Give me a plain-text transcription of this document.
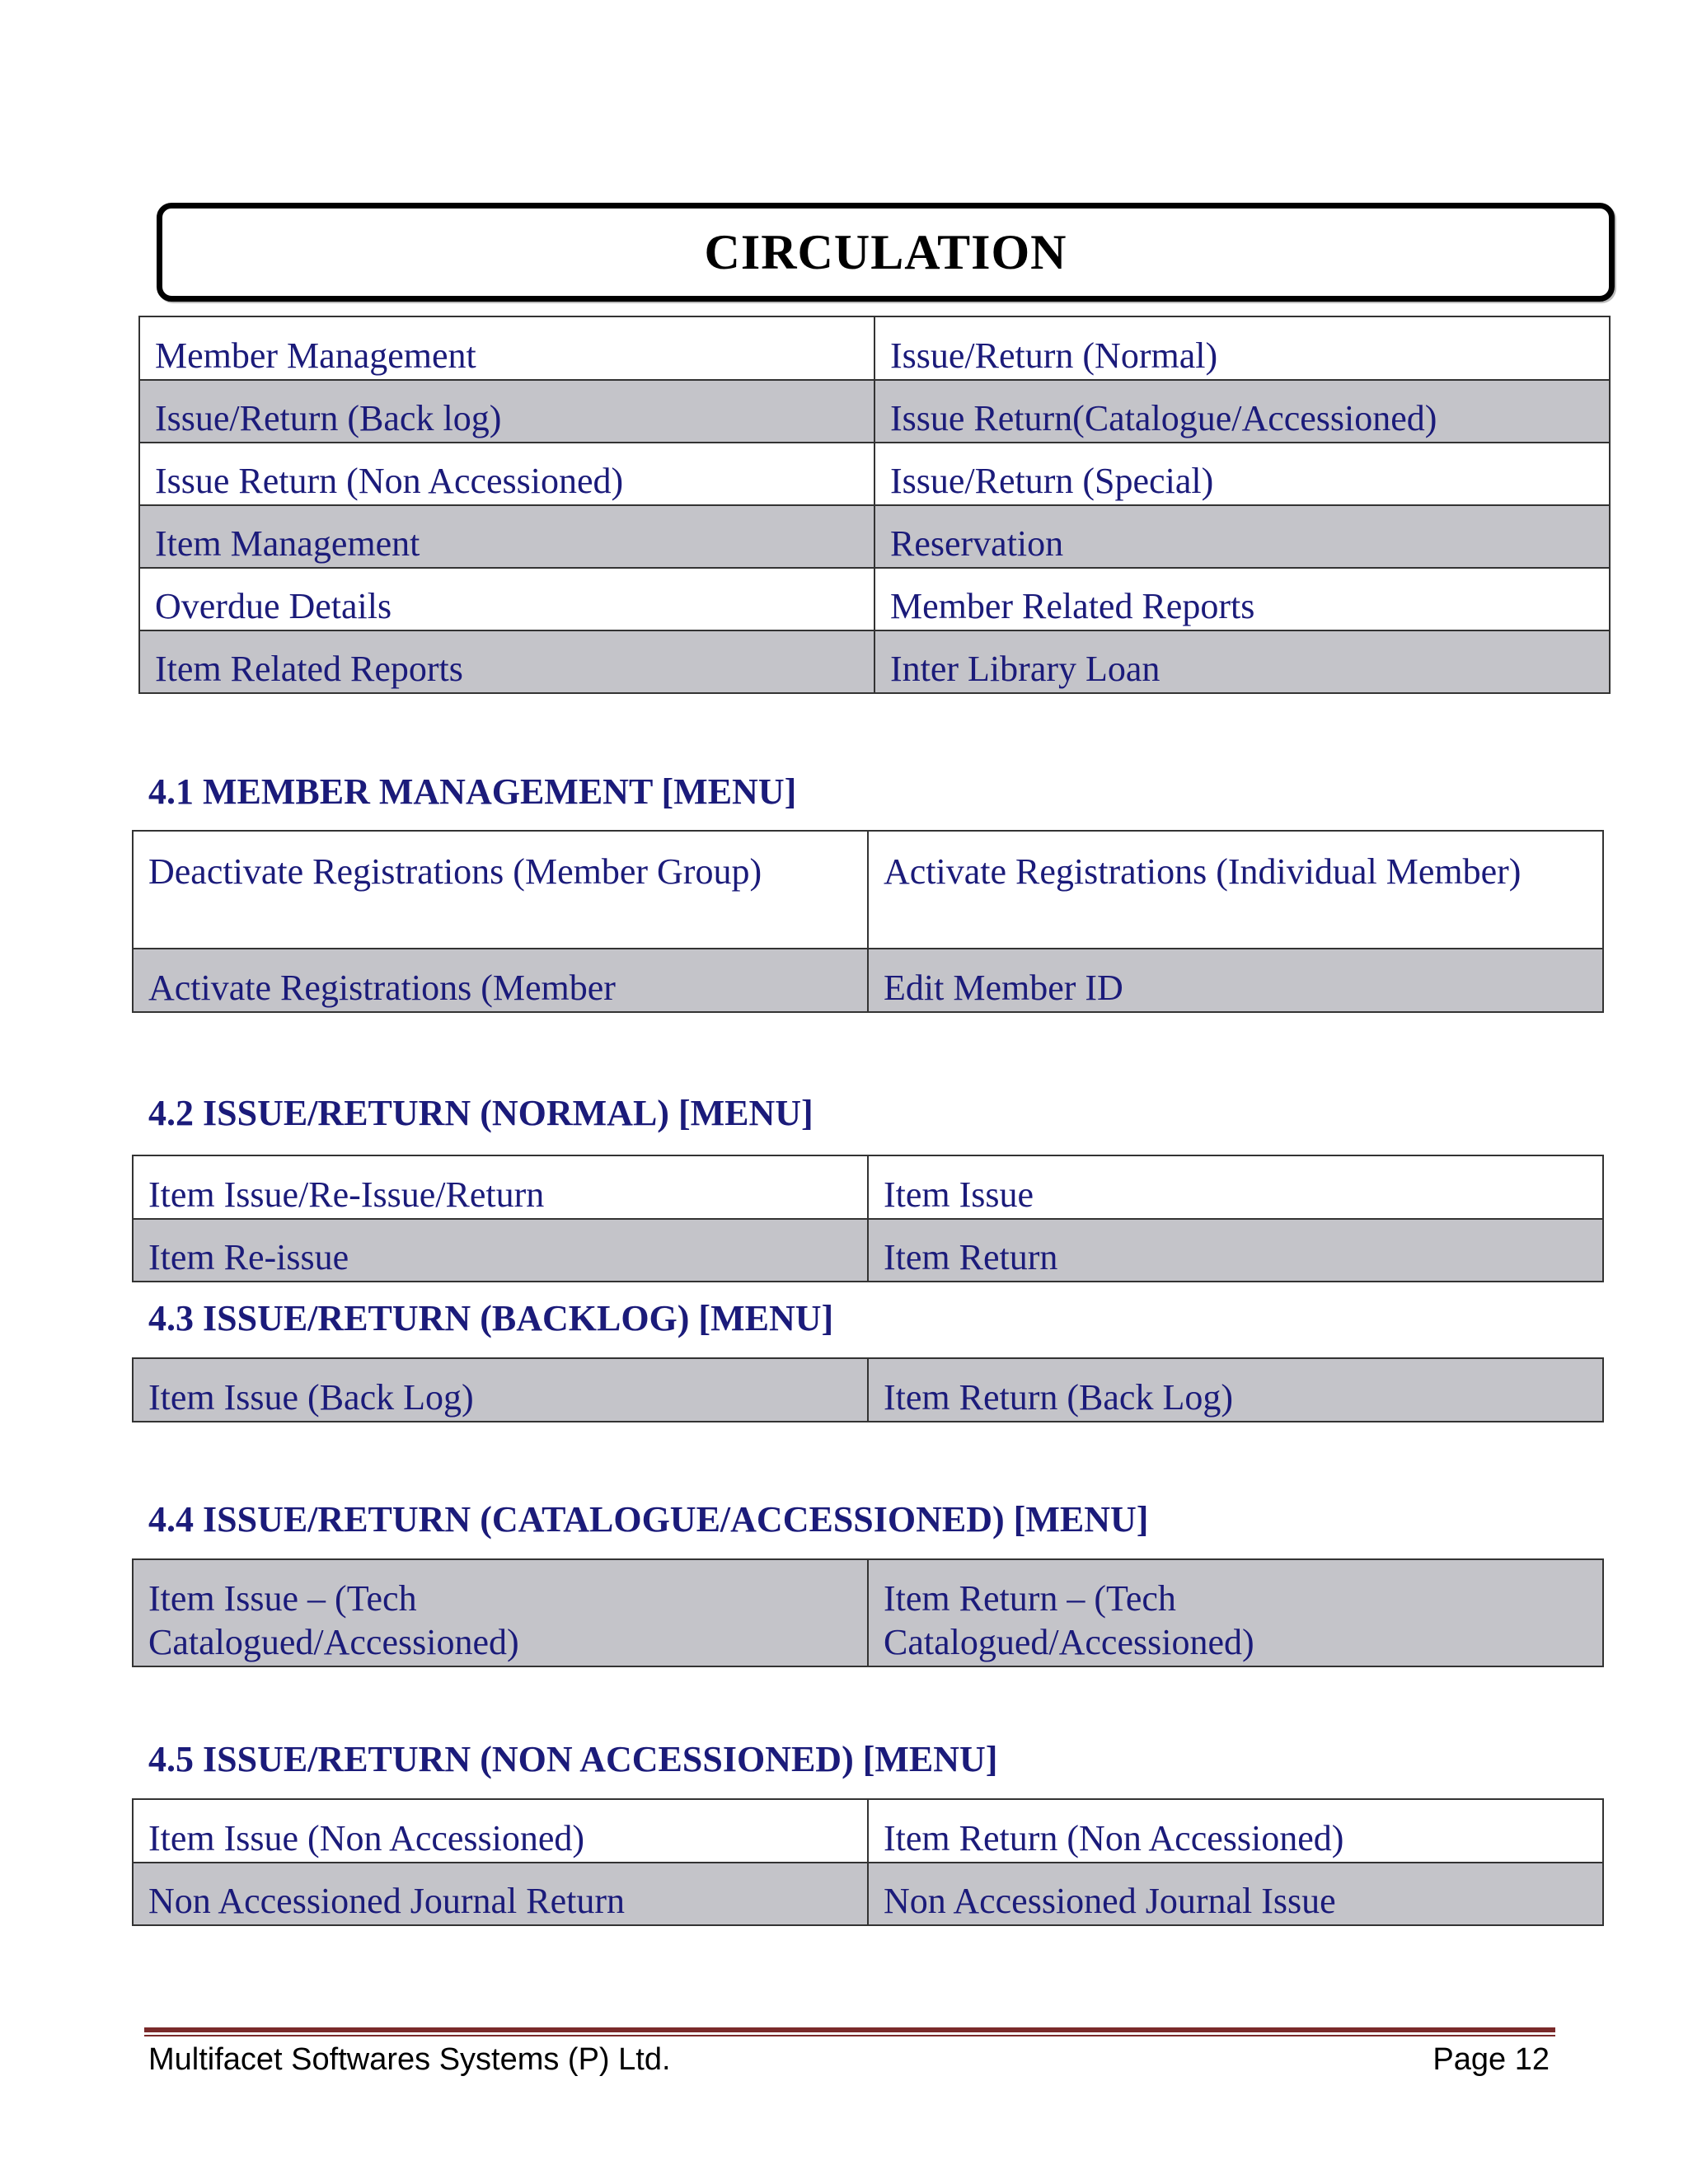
CIRCULATION
Member Management	Issue/Return (Normal)
Issue/Return (Back log)	Issue Return(Catalogue/Accessioned)
Issue Return (Non Accessioned)	Issue/Return (Special)
Item Management	Reservation
Overdue Details	Member Related Reports
Item Related Reports	Inter Library Loan
4.1 MEMBER MANAGEMENT [MENU]
Deactivate Registrations (Member Group)	Activate Registrations (Individual Member)
Activate Registrations (Member	Edit Member ID
4.2 ISSUE/RETURN (NORMAL) [MENU]
Item Issue/Re-Issue/Return	Item Issue
Item Re-issue	Item Return
4.3 ISSUE/RETURN (BACKLOG) [MENU]
Item Issue (Back Log)	Item Return (Back Log)
4.4 ISSUE/RETURN (CATALOGUE/ACCESSIONED) [MENU]
Item Issue – (Tech Catalogued/Accessioned)	Item Return – (Tech Catalogued/Accessioned)
4.5 ISSUE/RETURN (NON ACCESSIONED) [MENU]
Item Issue (Non Accessioned)	Item Return (Non Accessioned)
Non Accessioned Journal Return	Non Accessioned Journal Issue
Multifacet Softwares Systems (P) Ltd.	Page 12
